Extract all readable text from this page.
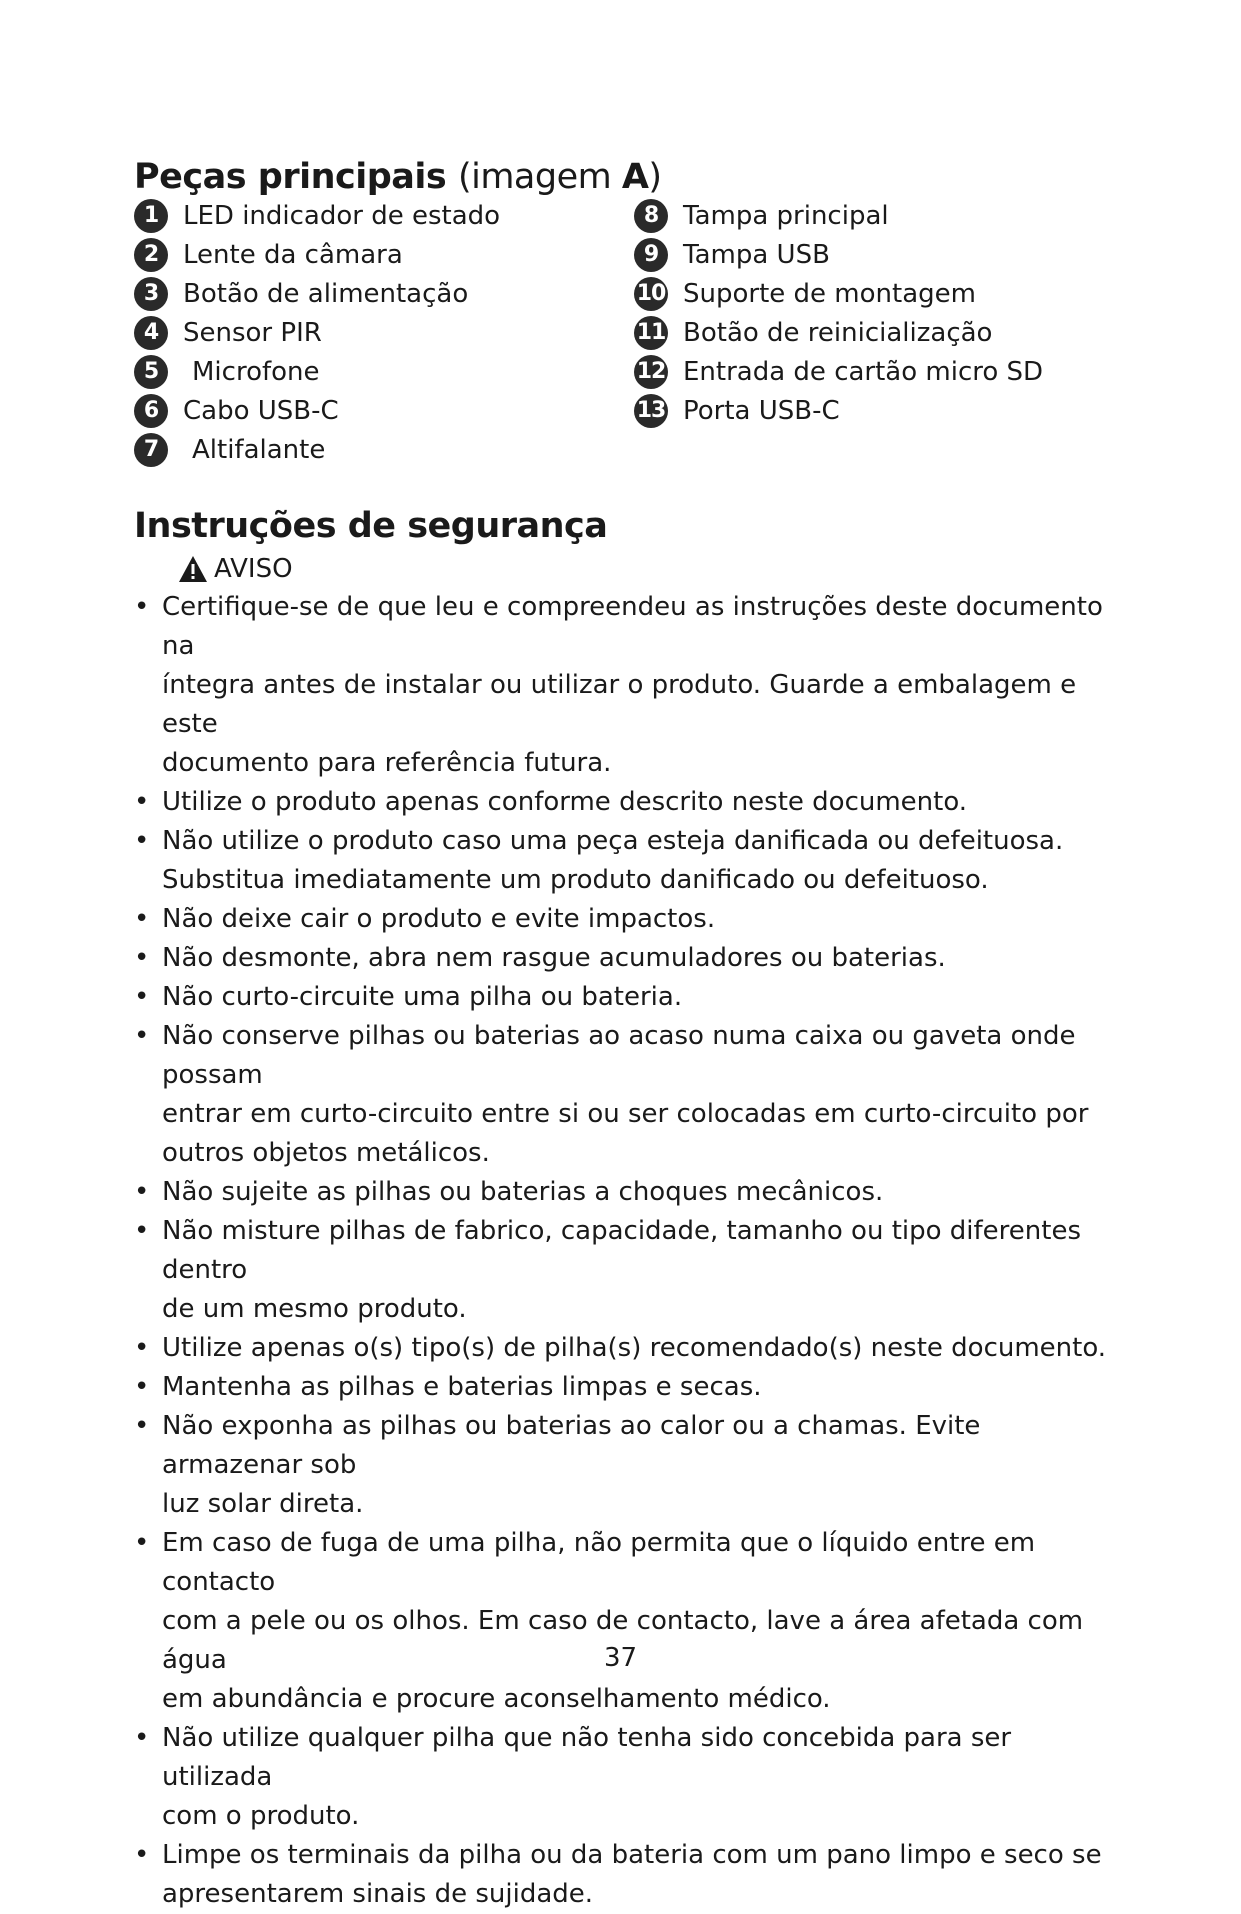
Peças principais (imagem A)
1 LED indicador de estado
2 Lente da câmara
3 Botão de alimentação
4 Sensor PIR
5	Microfone
6 Cabo USB-C
7	Altifalante
8 Tampa principal
9 Tampa USB
10 Suporte de montagem
11 Botão de reinicialização
12 Entrada de cartão micro SD
13 Porta USB-C
Instruções de segurança
AVISO
• Certifique-se de que leu e compreendeu as instruções deste documento na
íntegra antes de instalar ou utilizar o produto. Guarde a embalagem e este
documento para referência futura.
• Utilize o produto apenas conforme descrito neste documento.
• Não utilize o produto caso uma peça esteja danificada ou defeituosa.
Substitua imediatamente um produto danificado ou defeituoso.
• Não deixe cair o produto e evite impactos.
• Não desmonte, abra nem rasgue acumuladores ou baterias.
• Não curto-circuite uma pilha ou bateria.
• Não conserve pilhas ou baterias ao acaso numa caixa ou gaveta onde possam
entrar em curto-circuito entre si ou ser colocadas em curto-circuito por
outros objetos metálicos.
• Não sujeite as pilhas ou baterias a choques mecânicos.
• Não misture pilhas de fabrico, capacidade, tamanho ou tipo diferentes dentro
de um mesmo produto.
• Utilize apenas o(s) tipo(s) de pilha(s) recomendado(s) neste documento.
• Mantenha as pilhas e baterias limpas e secas.
• Não exponha as pilhas ou baterias ao calor ou a chamas. Evite armazenar sob
luz solar direta.
• Em caso de fuga de uma pilha, não permita que o líquido entre em contacto
com a pele ou os olhos. Em caso de contacto, lave a área afetada com água
em abundância e procure aconselhamento médico.
• Não utilize qualquer pilha que não tenha sido concebida para ser utilizada
com o produto.
• Limpe os terminais da pilha ou da bateria com um pano limpo e seco se
apresentarem sinais de sujidade.
37
